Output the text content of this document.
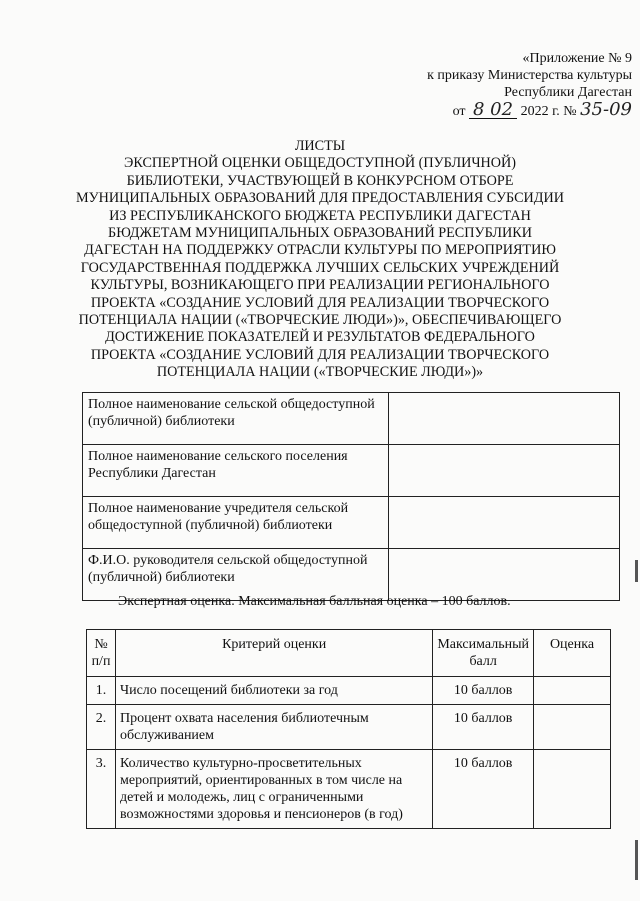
«Приложение № 9
к приказу Министерства культуры
Республики Дагестан
от 8 02 2022 г. № 35-09
ЛИСТЫ
ЭКСПЕРТНОЙ ОЦЕНКИ ОБЩЕДОСТУПНОЙ (ПУБЛИЧНОЙ)
БИБЛИОТЕКИ, УЧАСТВУЮЩЕЙ В КОНКУРСНОМ ОТБОРЕ
МУНИЦИПАЛЬНЫХ ОБРАЗОВАНИЙ ДЛЯ ПРЕДОСТАВЛЕНИЯ СУБСИДИИ
ИЗ РЕСПУБЛИКАНСКОГО БЮДЖЕТА РЕСПУБЛИКИ ДАГЕСТАН
БЮДЖЕТАМ МУНИЦИПАЛЬНЫХ ОБРАЗОВАНИЙ РЕСПУБЛИКИ
ДАГЕСТАН НА ПОДДЕРЖКУ ОТРАСЛИ КУЛЬТУРЫ ПО МЕРОПРИЯТИЮ
ГОСУДАРСТВЕННАЯ ПОДДЕРЖКА ЛУЧШИХ СЕЛЬСКИХ УЧРЕЖДЕНИЙ
КУЛЬТУРЫ, ВОЗНИКАЮЩЕГО ПРИ РЕАЛИЗАЦИИ РЕГИОНАЛЬНОГО
ПРОЕКТА «СОЗДАНИЕ УСЛОВИЙ ДЛЯ РЕАЛИЗАЦИИ ТВОРЧЕСКОГО
ПОТЕНЦИАЛА НАЦИИ («ТВОРЧЕСКИЕ ЛЮДИ»)», ОБЕСПЕЧИВАЮЩЕГО
ДОСТИЖЕНИЕ ПОКАЗАТЕЛЕЙ И РЕЗУЛЬТАТОВ ФЕДЕРАЛЬНОГО
ПРОЕКТА «СОЗДАНИЕ УСЛОВИЙ ДЛЯ РЕАЛИЗАЦИИ ТВОРЧЕСКОГО
ПОТЕНЦИАЛА НАЦИИ («ТВОРЧЕСКИЕ ЛЮДИ»)»
Полное наименование сельской общедоступной (публичной) библиотеки	
Полное наименование сельского поселения Республики Дагестан	
Полное наименование учредителя сельской общедоступной (публичной) библиотеки	
Ф.И.О. руководителя сельской общедоступной (публичной) библиотеки	
Экспертная оценка. Максимальная балльная оценка – 100 баллов.
№ п/п	Критерий оценки	Максимальный балл	Оценка
1.	Число посещений библиотеки за год	10 баллов	
2.	Процент охвата населения библиотечным обслуживанием	10 баллов	
3.	Количество культурно-просветительных мероприятий, ориентированных в том числе на детей и молодежь, лиц с ограниченными возможностями здоровья и пенсионеров (в год)	10 баллов	
